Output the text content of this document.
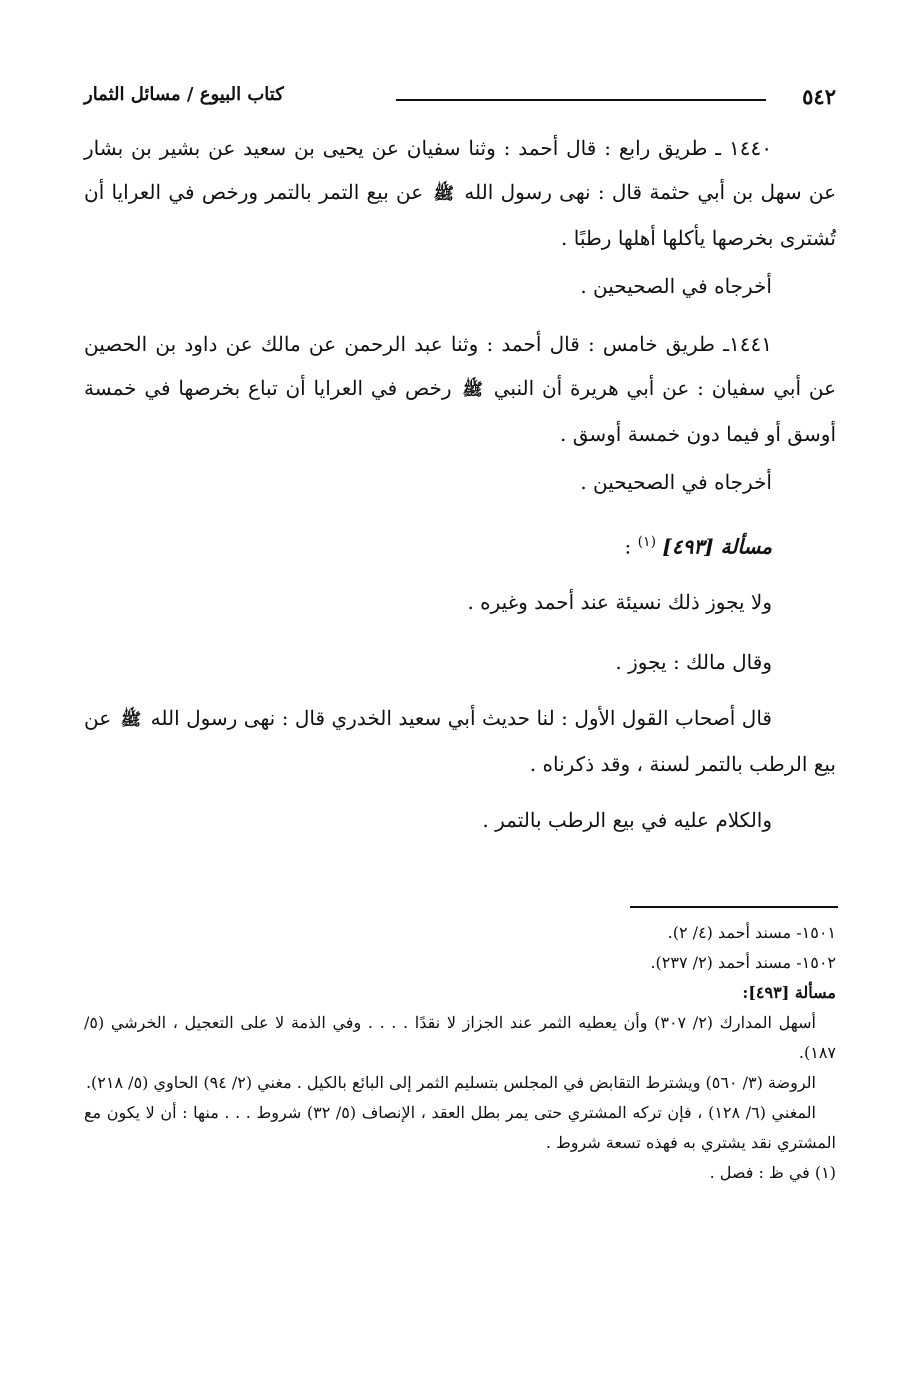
٥٤٢
كتاب البيوع / مسائل الثمار

١٤٤٠ ـ طريق رابع : قال أحمد : وثنا سفيان عن يحيى بن سعيد عن بشير بن بشار عن سهل بن أبي حثمة قال : نهى رسول الله ﷺ عن بيع التمر بالتمر ورخص في العرايا أن تُشترى بخرصها يأكلها أهلها رطبًا .

أخرجاه في الصحيحين .

١٤٤١ـ طريق خامس : قال أحمد : وثنا عبد الرحمن عن مالك عن داود بن الحصين عن أبي سفيان : عن أبي هريرة أن النبي ﷺ رخص في العرايا أن تباع بخرصها في خمسة أوسق أو فيما دون خمسة أوسق .

أخرجاه في الصحيحين .

مسألة [٤٩٣] $^{(١)}$ :

ولا يجوز ذلك نسيئة عند أحمد وغيره .

وقال مالك : يجوز .

قال أصحاب القول الأول : لنا حديث أبي سعيد الخدري قال : نهى رسول الله ﷺ عن بيع الرطب بالتمر لسنة ، وقد ذكرناه .

والكلام عليه في بيع الرطب بالتمر .

١٥٠١- مسند أحمد (٤/ ٢).

١٥٠٢- مسند أحمد (٢/ ٢٣٧).

مسألة [٤٩٣]:

أسهل المدارك (٢/ ٣٠٧) وأن يعطيه الثمر عند الجزاز لا نقدًا . . . . وفي الذمة لا على التعجيل ، الخرشي (٥/ ١٨٧).

الروضة (٣/ ٥٦٠) ويشترط التقابض في المجلس بتسليم الثمر إلى البائع بالكيل . مغني (٢/ ٩٤) الحاوي (٥/ ٢١٨).

المغني (٦/ ١٢٨) ، فإن تركه المشتري حتى يمر بطل العقد ، الإنصاف (٥/ ٣٢) شروط . . . منها : أن لا يكون مع المشتري نقد يشتري به فهذه تسعة شروط .

(١) في ظ : فصل .
